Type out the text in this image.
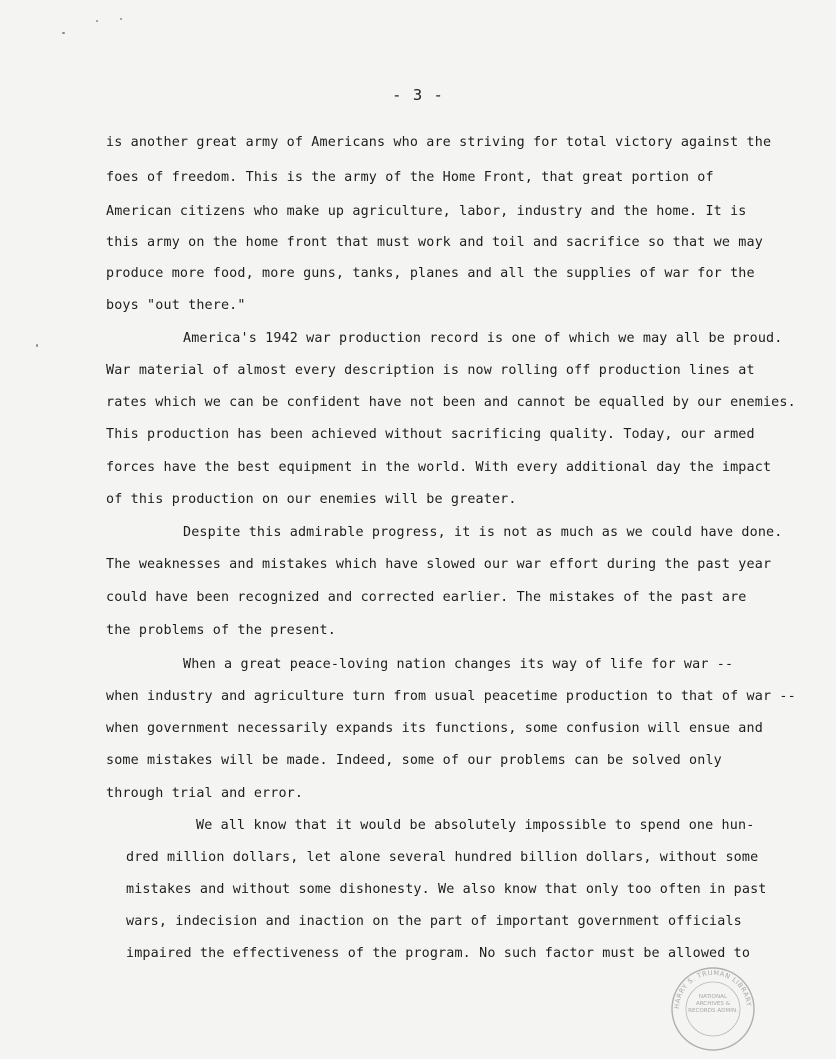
- 3 -
is another great army of Americans who are striving for total victory against the
foes of freedom. This is the army of the Home Front, that great portion of
American citizens who make up agriculture, labor, industry and the home. It is
this army on the home front that must work and toil and sacrifice so that we may
produce more food, more guns, tanks, planes and all the supplies of war for the
boys "out there."
America's 1942 war production record is one of which we may all be proud.
War material of almost every description is now rolling off production lines at
rates which we can be confident have not been and cannot be equalled by our enemies.
This production has been achieved without sacrificing quality. Today, our armed
forces have the best equipment in the world. With every additional day the impact
of this production on our enemies will be greater.
Despite this admirable progress, it is not as much as we could have done.
The weaknesses and mistakes which have slowed our war effort during the past year
could have been recognized and corrected earlier. The mistakes of the past are
the problems of the present.
When a great peace-loving nation changes its way of life for war --
when industry and agriculture turn from usual peacetime production to that of war --
when government necessarily expands its functions, some confusion will ensue and
some mistakes will be made. Indeed, some of our problems can be solved only
through trial and error.
We all know that it would be absolutely impossible to spend one hun-
dred million dollars, let alone several hundred billion dollars, without some
mistakes and without some dishonesty. We also know that only too often in past
wars, indecision and inaction on the part of important government officials
impaired the effectiveness of the program. No such factor must be allowed to
HARRY S. TRUMAN LIBRARY
NATIONAL ARCHIVES & RECORDS ADMIN.
